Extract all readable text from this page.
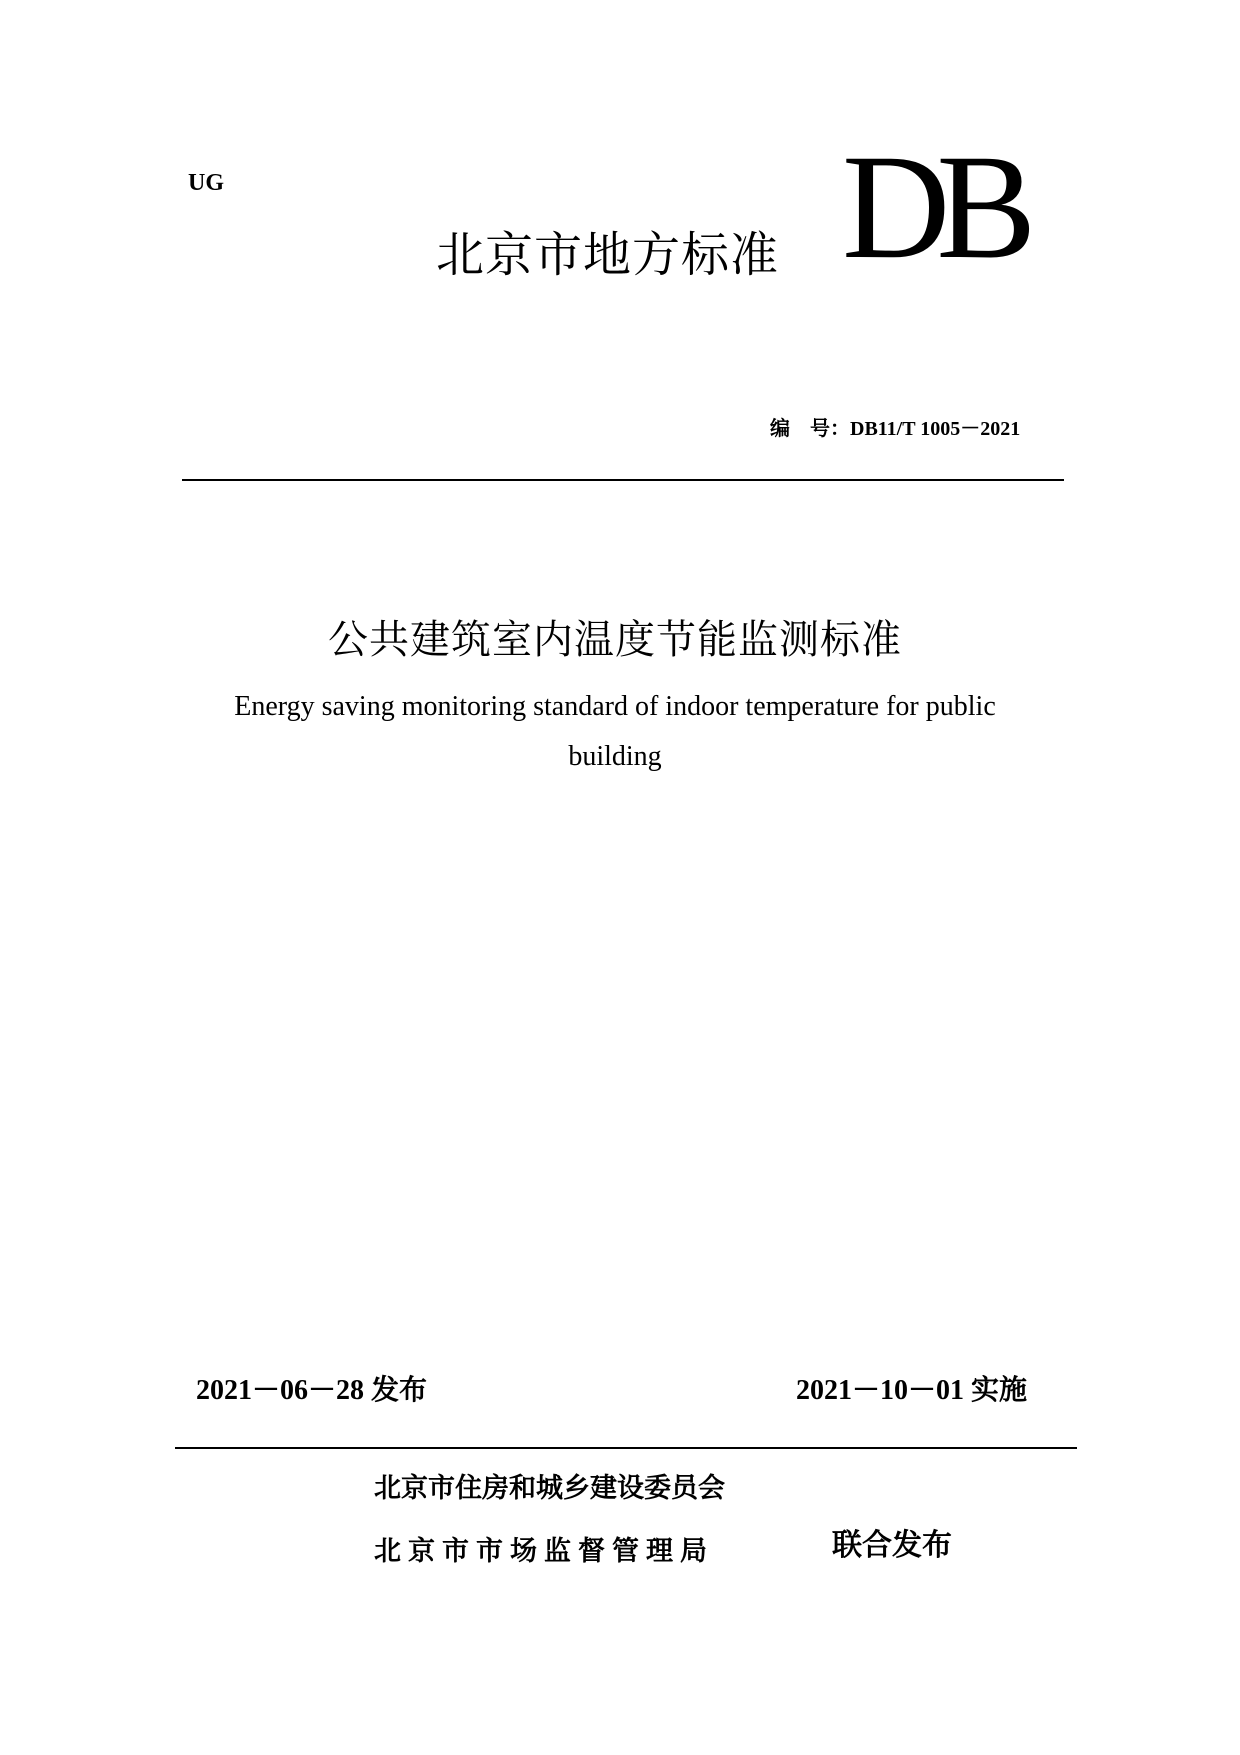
UG
北京市地方标准 DB
编    号：DB11/T 1005－2021
公共建筑室内温度节能监测标准
Energy saving monitoring standard of indoor temperature for public building
2021－06－28 发布	2021－10－01 实施
北京市住房和城乡建设委员会
北京市市场监督管理局	联合发布
